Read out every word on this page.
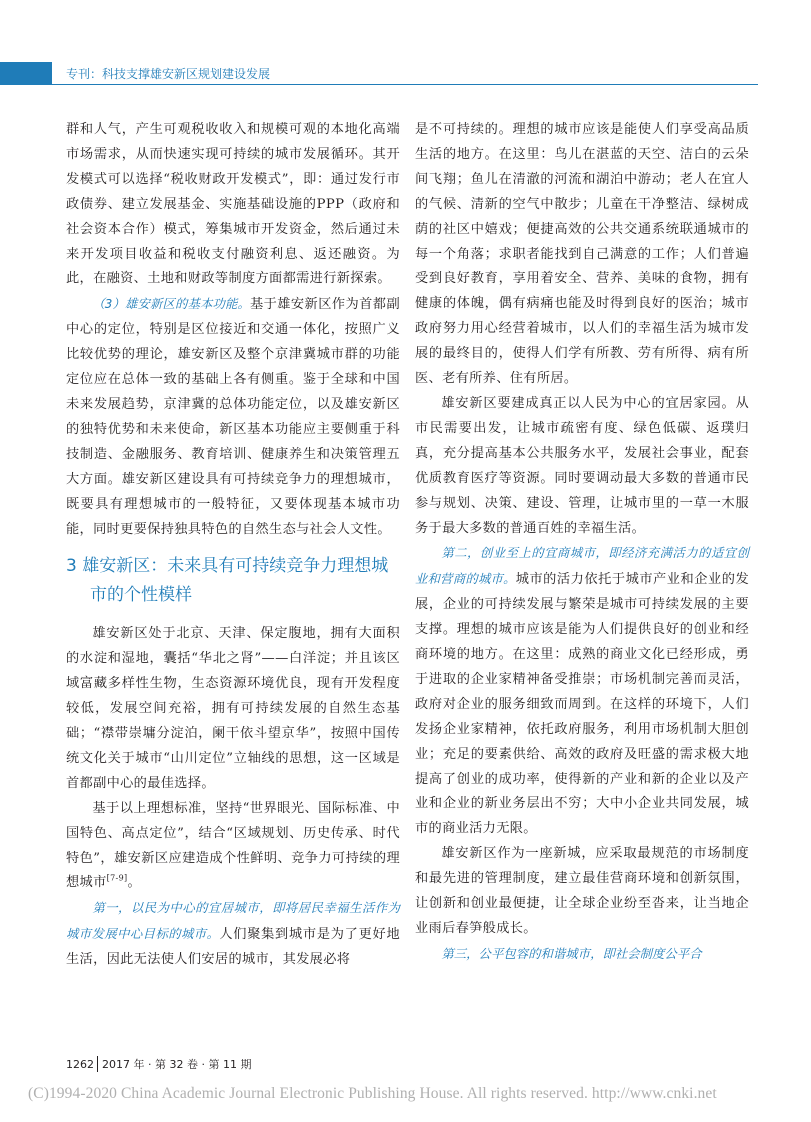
专刊：科技支撑雄安新区规划建设发展

群和人气，产生可观税收收入和规模可观的本地化高端市场需求，从而快速实现可持续的城市发展循环。其开发模式可以选择“税收财政开发模式”，即：通过发行市政债券、建立发展基金、实施基础设施的PPP（政府和社会资本合作）模式，筹集城市开发资金，然后通过未来开发项目收益和税收支付融资利息、返还融资。为此，在融资、土地和财政等制度方面都需进行新探索。

（3）雄安新区的基本功能。基于雄安新区作为首都副中心的定位，特别是区位接近和交通一体化，按照广义比较优势的理论，雄安新区及整个京津冀城市群的功能定位应在总体一致的基础上各有侧重。鉴于全球和中国未来发展趋势，京津冀的总体功能定位，以及雄安新区的独特优势和未来使命，新区基本功能应主要侧重于科技制造、金融服务、教育培训、健康养生和决策管理五大方面。雄安新区建设具有可持续竞争力的理想城市，既要具有理想城市的一般特征，又要体现基本城市功能，同时更要保持独具特色的自然生态与社会人文性。

3 雄安新区：未来具有可持续竞争力理想城市的个性模样

雄安新区处于北京、天津、保定腹地，拥有大面积的水淀和湿地，囊括“华北之肾”——白洋淀；并且该区域富藏多样性生物，生态资源环境优良，现有开发程度较低，发展空间充裕，拥有可持续发展的自然生态基础；“襟带崇墉分淀泊，阑干依斗望京华”，按照中国传统文化关于城市“山川定位”立轴线的思想，这一区域是首都副中心的最佳选择。

基于以上理想标准，坚持“世界眼光、国际标准、中国特色、高点定位”，结合“区域规划、历史传承、时代特色”，雄安新区应建造成个性鲜明、竞争力可持续的理想城市[7-9]。

第一，以民为中心的宜居城市，即将居民幸福生活作为城市发展中心目标的城市。人们聚集到城市是为了更好地生活，因此无法使人们安居的城市，其发展必将

是不可持续的。理想的城市应该是能使人们享受高品质生活的地方。在这里：鸟儿在湛蓝的天空、洁白的云朵间飞翔；鱼儿在清澈的河流和湖泊中游动；老人在宜人的气候、清新的空气中散步；儿童在干净整洁、绿树成荫的社区中嬉戏；便捷高效的公共交通系统联通城市的每一个角落；求职者能找到自己满意的工作；人们普遍受到良好教育，享用着安全、营养、美味的食物，拥有健康的体魄，偶有病痛也能及时得到良好的医治；城市政府努力用心经营着城市，以人们的幸福生活为城市发展的最终目的，使得人们学有所教、劳有所得、病有所医、老有所养、住有所居。

雄安新区要建成真正以人民为中心的宜居家园。从市民需要出发，让城市疏密有度、绿色低碳、返璞归真，充分提高基本公共服务水平，发展社会事业，配套优质教育医疗等资源。同时要调动最大多数的普通市民参与规划、决策、建设、管理，让城市里的一草一木服务于最大多数的普通百姓的幸福生活。

第二，创业至上的宜商城市，即经济充满活力的适宜创业和营商的城市。城市的活力依托于城市产业和企业的发展，企业的可持续发展与繁荣是城市可持续发展的主要支撑。理想的城市应该是能为人们提供良好的创业和经商环境的地方。在这里：成熟的商业文化已经形成，勇于进取的企业家精神备受推崇；市场机制完善而灵活，政府对企业的服务细致而周到。在这样的环境下，人们发扬企业家精神，依托政府服务，利用市场机制大胆创业；充足的要素供给、高效的政府及旺盛的需求极大地提高了创业的成功率，使得新的产业和新的企业以及产业和企业的新业务层出不穷；大中小企业共同发展，城市的商业活力无限。

雄安新区作为一座新城，应采取最规范的市场制度和最先进的管理制度，建立最佳营商环境和创新氛围，让创新和创业最便捷，让全球企业纷至沓来，让当地企业雨后春笋般成长。

第三，公平包容的和谐城市，即社会制度公平合

1262 2017 年 · 第 32 卷 · 第 11 期
(C)1994-2020 China Academic Journal Electronic Publishing House. All rights reserved. http://www.cnki.net
